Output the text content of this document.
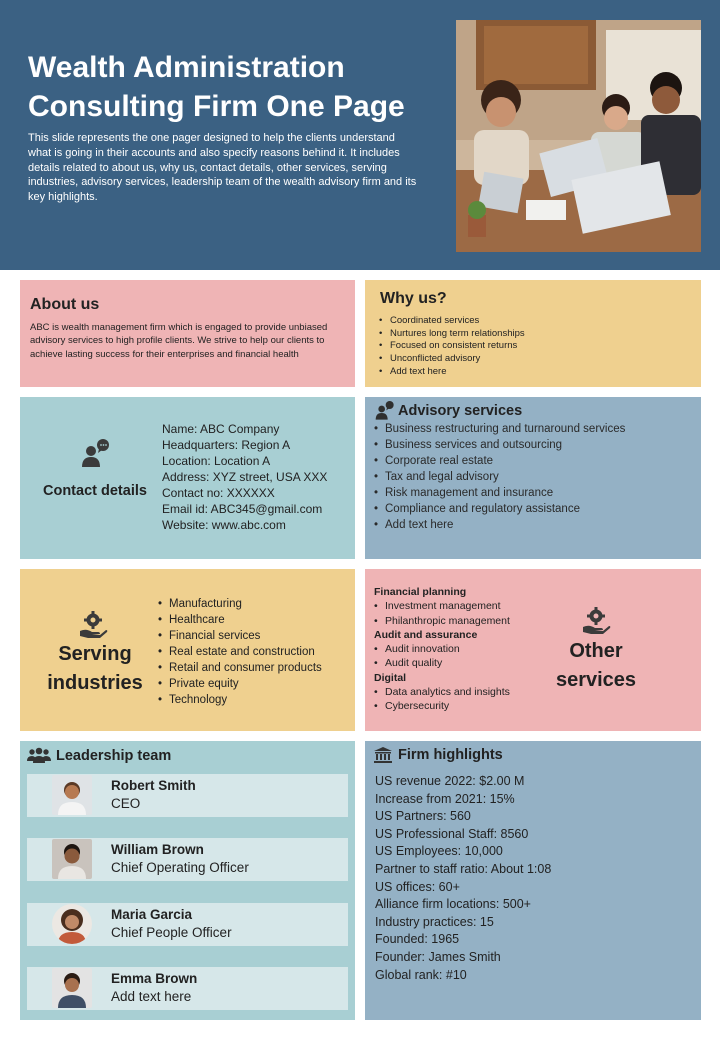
Wealth Administration
Consulting Firm One Page
This slide represents the one pager designed to help the clients understand what is going in their accounts and also specify reasons behind it. It includes details related to about us, why us, contact details, other services, serving industries, advisory services, leadership team of the wealth advisory firm and its key highlights.
About us
ABC is wealth management firm which is engaged to provide unbiased advisory services to high profile clients. We strive to help our clients to achieve lasting success for their enterprises and financial health
Why us?
• Coordinated services
• Nurtures long term relationships
• Focused on consistent returns
• Unconflicted advisory
• Add text here
Contact details
Name: ABC Company
Headquarters: Region A
Location: Location A
Address: XYZ street, USA XXX
Contact no: XXXXXX
Email id: ABC345@gmail.com
Website: www.abc.com
Advisory services
• Business restructuring and turnaround services
• Business services and outsourcing
• Corporate real estate
• Tax and legal advisory
• Risk management and insurance
• Compliance and regulatory assistance
• Add text here
Serving
industries
• Manufacturing
• Healthcare
• Financial services
• Real estate and construction
• Retail and consumer products
• Private equity
• Technology
Financial planning
• Investment management
• Philanthropic management
Audit and assurance
• Audit innovation
• Audit quality
Digital
• Data analytics and insights
• Cybersecurity
Other
services
Leadership team
Robert Smith
CEO
William Brown
Chief Operating Officer
Maria Garcia
Chief People Officer
Emma Brown
Add text here
Firm highlights
US revenue 2022: $2.00 M
Increase from 2021: 15%
US Partners: 560
US Professional Staff: 8560
US Employees: 10,000
Partner to staff ratio: About 1:08
US offices: 60+
Alliance firm locations: 500+
Industry practices: 15
Founded: 1965
Founder: James Smith
Global rank: #10
